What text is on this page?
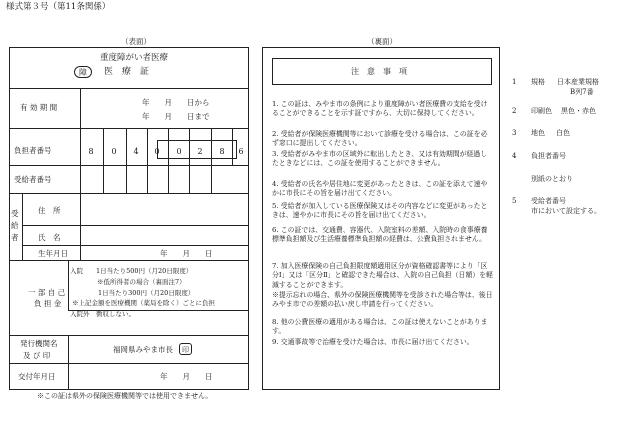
様式第３号（第11条関係）
（表面）	（裏面）
重度障がい者医療
障	医　療　証
有 効 期 間
年　　月　　日から
年　　月　　日まで
負担者番号	8	0	4	0	0	2	8	6
受給者番号
受給者
住　所
氏　名
生年月日	年　　月　　日
一 部 自 己
負 担 金
入院　　1日当たり500円（月20日限度）
※低所得者の場合（裏面注7）
1日当たり300円（月20日限度）
※上記金額を医療機関（薬局を除く）ごとに負担
入院外　徴収しない。
発行機関名
及 び 印
福岡県みやま市長	印
交付年月日	年　　月　　日
※この証は県外の保険医療機関等では使用できません。
注　意　事　項
1. この証は、みやま市の条例により重度障がい者医療費の支給を受けることができることを示す証ですから、大切に保持してください。
2. 受給者が保険医療機関等において診療を受ける場合は、この証を必ず窓口に提出してください。
3. 受給者がみやま市の区域外に転出したとき、又は有効期間が経過したときなどには、この証を使用することができません。
4. 受給者の氏名や居住地に変更があったときは、この証を添えて速やかに市長にその旨を届け出てください。
5. 受給者が加入している医療保険又はその内容などに変更があったときは、速やかに市長にその旨を届け出てください。
6. この証では、交通費、容器代、入院室料の差額、入院時の食事療養標準負担額及び生活療養標準負担額の経費は、公費負担されません。
7. 加入医療保険の自己負担限度額適用区分が資格確認書等により「区分Ⅰ」又は「区分Ⅱ」と確認できた場合は、入院の自己負担（日額）を軽減することができます。
※提示忘れの場合、県外の保険医療機関等を受診された場合等は、後日みやま市での差額の払い戻し申請を行ってください。
8. 他の公費医療の適用がある場合は、この証は使えないことがあります。
9. 交通事故等で治療を受けた場合は、市長に届け出てください。
1 規格 日本産業規格
B列7番
2 印刷色 黒色・赤色
3 地色 白色
4 負担者番号
別紙のとおり
5 受給者番号
市において設定する。
